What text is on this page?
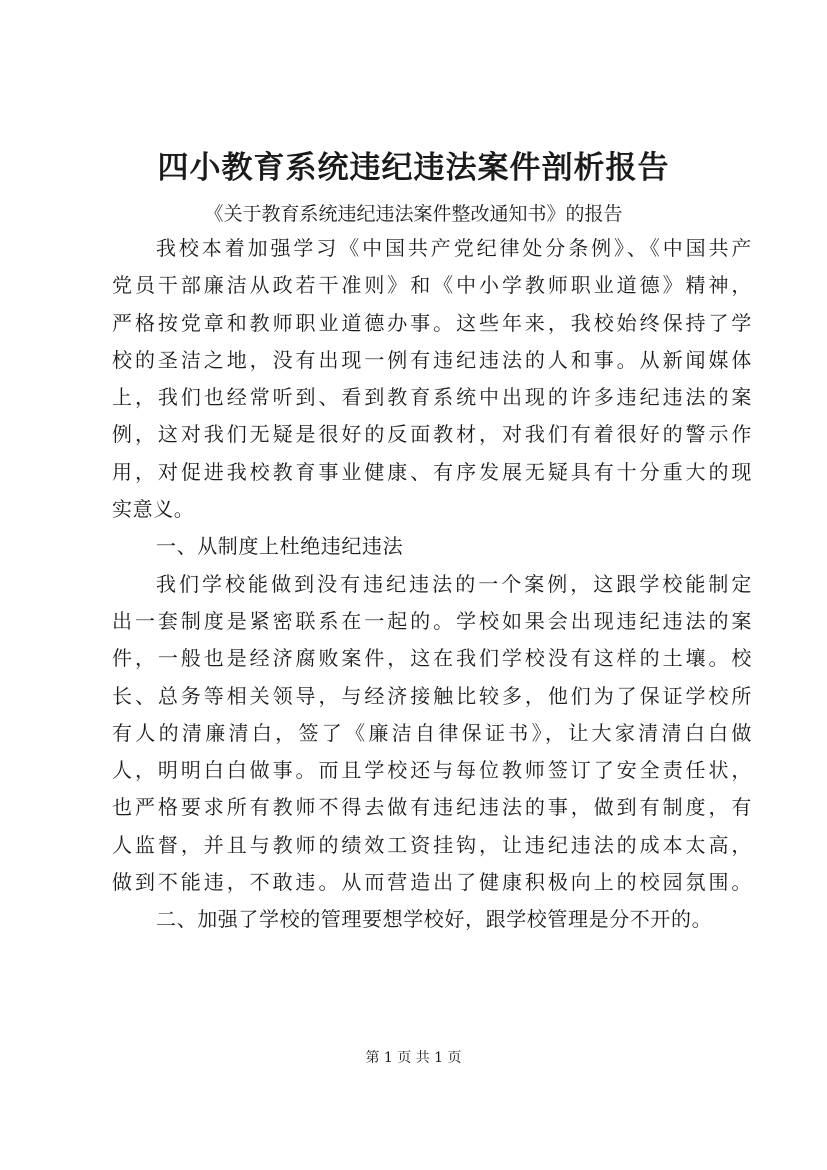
四小教育系统违纪违法案件剖析报告
《关于教育系统违纪违法案件整改通知书》的报告
我校本着加强学习《中国共产党纪律处分条例》、《中国共产
党员干部廉洁从政若干准则》和《中小学教师职业道德》精神，
严格按党章和教师职业道德办事。这些年来，我校始终保持了学
校的圣洁之地，没有出现一例有违纪违法的人和事。从新闻媒体
上，我们也经常听到、看到教育系统中出现的许多违纪违法的案
例，这对我们无疑是很好的反面教材，对我们有着很好的警示作
用，对促进我校教育事业健康、有序发展无疑具有十分重大的现
实意义。
一、从制度上杜绝违纪违法
我们学校能做到没有违纪违法的一个案例，这跟学校能制定
出一套制度是紧密联系在一起的。学校如果会出现违纪违法的案
件，一般也是经济腐败案件，这在我们学校没有这样的土壤。校
长、总务等相关领导，与经济接触比较多，他们为了保证学校所
有人的清廉清白，签了《廉洁自律保证书》，让大家清清白白做
人，明明白白做事。而且学校还与每位教师签订了安全责任状，
也严格要求所有教师不得去做有违纪违法的事，做到有制度，有
人监督，并且与教师的绩效工资挂钩，让违纪违法的成本太高，
做到不能违，不敢违。从而营造出了健康积极向上的校园氛围。
二、加强了学校的管理要想学校好，跟学校管理是分不开的。
第 1 页 共 1 页
